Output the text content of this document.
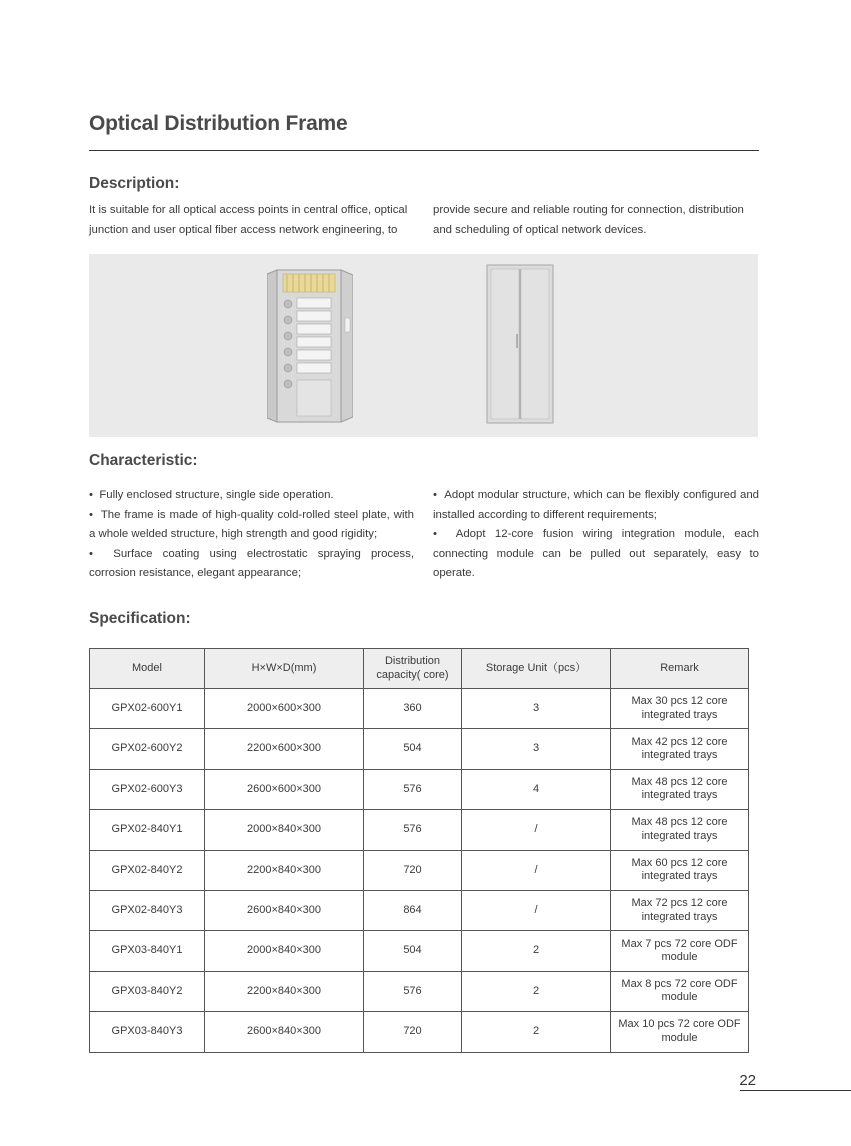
Optical Distribution Frame
Description:
It is suitable for all optical access points in central office, optical
junction and user optical fiber access network engineering, to
provide secure and reliable routing for connection, distribution
and scheduling of optical network devices.
Characteristic:
•  Fully enclosed structure, single side operation.
•  The frame is made of high-quality cold-rolled steel plate, with a whole welded structure, high strength and good rigidity;
•  Surface coating using electrostatic spraying process, corrosion resistance, elegant appearance;
•  Adopt modular structure, which can be flexibly configured and installed according to different requirements;
•  Adopt 12-core fusion wiring integration module, each connecting module can be pulled out separately, easy to operate.
Specification:
Model	H×W×D(mm)	Distribution capacity( core)	Storage Unit（pcs）	Remark
GPX02-600Y1	2000×600×300	360	3	Max 30 pcs 12 core integrated trays
GPX02-600Y2	2200×600×300	504	3	Max 42 pcs 12 core integrated trays
GPX02-600Y3	2600×600×300	576	4	Max 48 pcs 12 core integrated trays
GPX02-840Y1	2000×840×300	576	/	Max 48 pcs 12 core integrated trays
GPX02-840Y2	2200×840×300	720	/	Max 60 pcs 12 core integrated trays
GPX02-840Y3	2600×840×300	864	/	Max 72 pcs 12 core integrated trays
GPX03-840Y1	2000×840×300	504	2	Max 7 pcs 72 core ODF module
GPX03-840Y2	2200×840×300	576	2	Max 8 pcs 72 core ODF module
GPX03-840Y3	2600×840×300	720	2	Max 10 pcs 72 core ODF module
22
